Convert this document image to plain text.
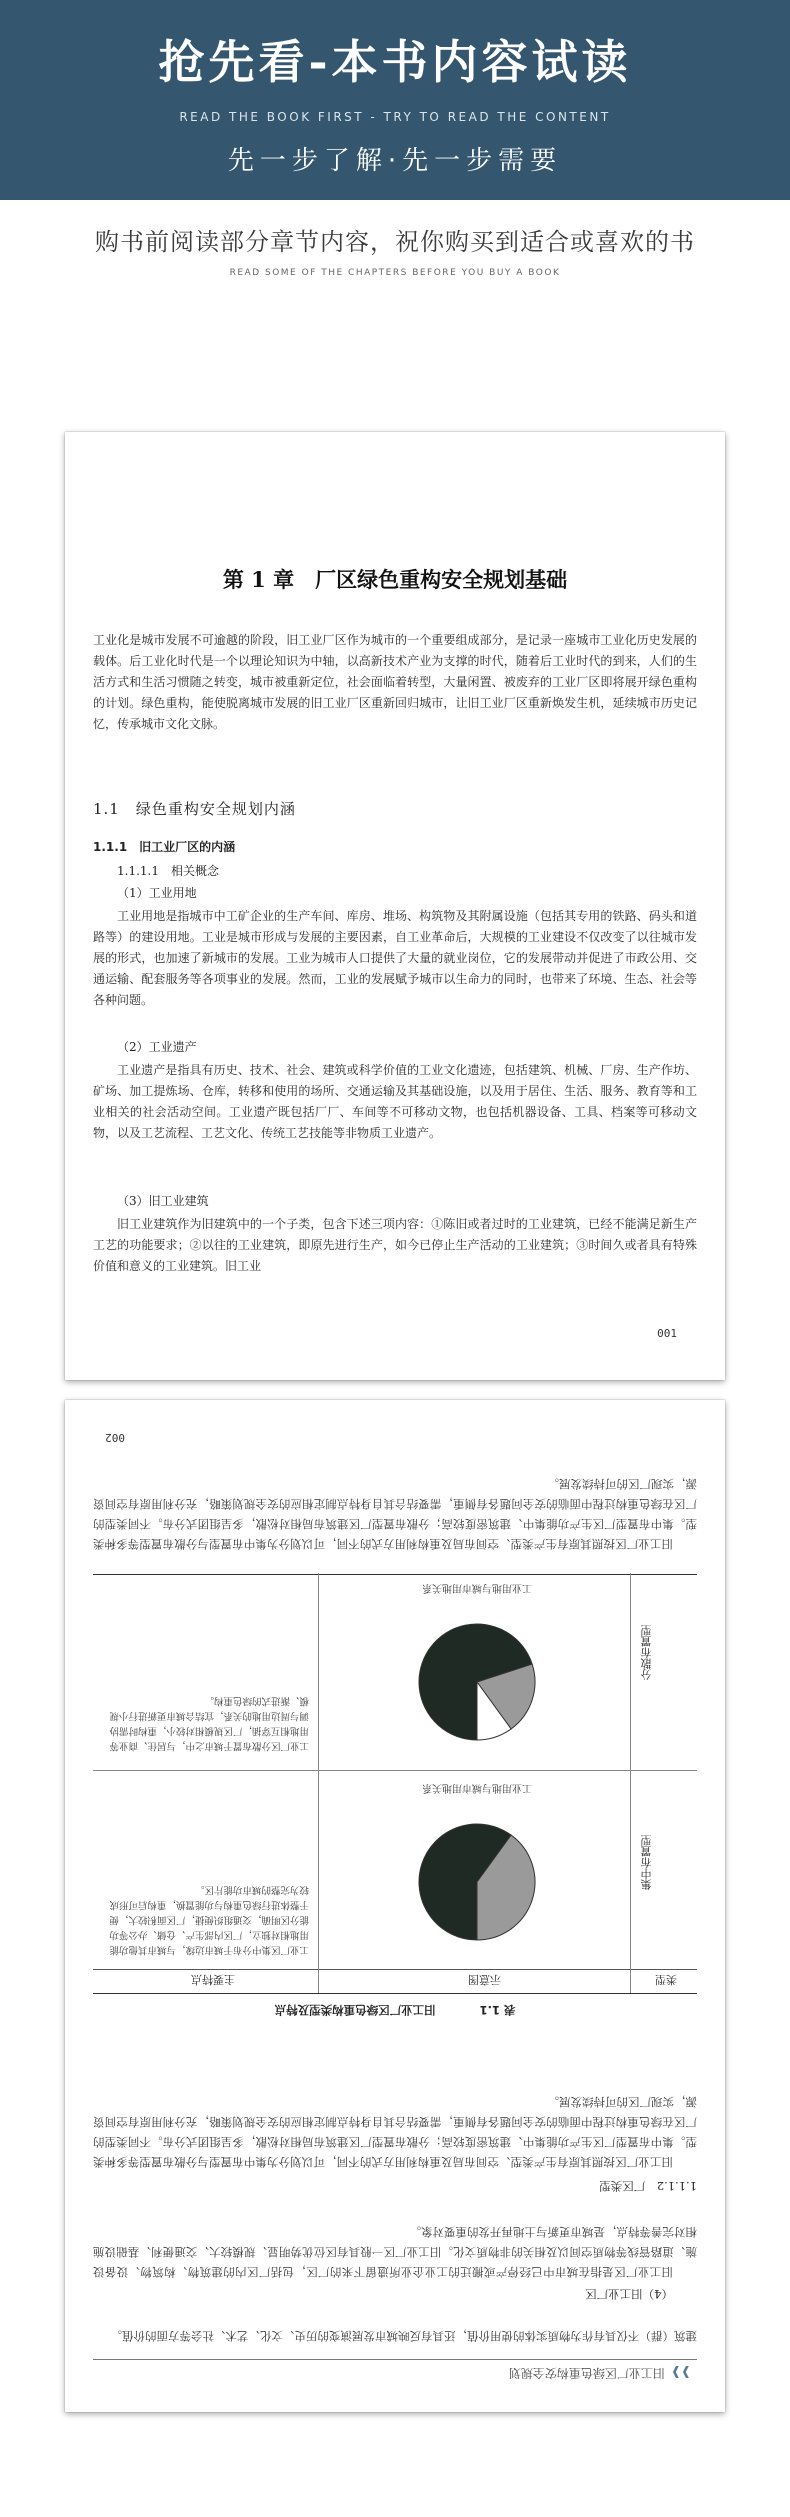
抢先看-本书内容试读
READ THE BOOK FIRST - TRY TO READ THE CONTENT
先一步了解·先一步需要
购书前阅读部分章节内容，祝你购买到适合或喜欢的书
READ SOME OF THE CHAPTERS BEFORE YOU BUY A BOOK
第 1 章　厂区绿色重构安全规划基础
工业化是城市发展不可逾越的阶段，旧工业厂区作为城市的一个重要组成部分，是记录一座城市工业化历史发展的载体。后工业化时代是一个以理论知识为中轴，以高新技术产业为支撑的时代，随着后工业时代的到来，人们的生活方式和生活习惯随之转变，城市被重新定位，社会面临着转型，大量闲置、被废弃的工业厂区即将展开绿色重构的计划。绿色重构，能使脱离城市发展的旧工业厂区重新回归城市，让旧工业厂区重新焕发生机，延续城市历史记忆，传承城市文化文脉。
1.1　绿色重构安全规划内涵
1.1.1　旧工业厂区的内涵
1.1.1.1　相关概念
（1）工业用地
工业用地是指城市中工矿企业的生产车间、库房、堆场、构筑物及其附属设施（包括其专用的铁路、码头和道路等）的建设用地。工业是城市形成与发展的主要因素，自工业革命后，大规模的工业建设不仅改变了以往城市发展的形式，也加速了新城市的发展。工业为城市人口提供了大量的就业岗位，它的发展带动并促进了市政公用、交通运输、配套服务等各项事业的发展。然而，工业的发展赋予城市以生命力的同时，也带来了环境、生态、社会等各种问题。
（2）工业遗产
工业遗产是指具有历史、技术、社会、建筑或科学价值的工业文化遗迹，包括建筑、机械、厂房、生产作坊、矿场、加工提炼场、仓库，转移和使用的场所、交通运输及其基础设施，以及用于居住、生活、服务、教育等和工业相关的社会活动空间。工业遗产既包括厂厂、车间等不可移动文物，也包括机器设备、工具、档案等可移动文物，以及工艺流程、工艺文化、传统工艺技能等非物质工业遗产。
（3）旧工业建筑
旧工业建筑作为旧建筑中的一个子类，包含下述三项内容：①陈旧或者过时的工业建筑，已经不能满足新生产工艺的功能要求；②以往的工业建筑，即原先进行生产，如今已停止生产活动的工业建筑；③时间久或者具有特殊价值和意义的工业建筑。旧工业
001
❱❱旧工业厂区绿色重构安全规划
建筑（群）不仅具有作为物质实体的使用价值，还具有反映城市发展演变的历史、文化、艺术、社会等方面的价值。
（4）旧工业厂区
旧工业厂区是指在城市中已经停产或搬迁的工业企业所遗留下来的厂区，包括厂区内的建筑物、构筑物、设备设施、道路管线等物质空间以及相关的非物质文化。旧工业厂区一般具有区位优势明显、规模较大、交通便利、基础设施相对完善等特点，是城市更新与土地再开发的重要对象。
1.1.1.2　厂区类型
旧工业厂区按照其原有生产类型、空间布局及重构利用方式的不同，可以划分为集中布置型与分散布置型等多种类型。集中布置型厂区生产功能集中、建筑密度较高；分散布置型厂区建筑布局相对松散，多呈组团式分布。不同类型的厂区在绿色重构过程中面临的安全问题各有侧重，需要结合其自身特点制定相应的安全规划策略，充分利用原有空间资源，实现厂区的可持续发展。
表 1.1旧工业厂区绿色重构类型及特点
类型
示意图
主要特点
集中布置型
工业用地与城市用地关系
工业厂区集中分布于城市边缘，与城市其他功能用地相对独立，厂区内部生产、仓储、办公等功能分区明确，交通组织便捷，厂区面积较大，便于整体进行绿色重构与功能置换，重构后可形成较为完整的城市功能片区。
分散布置型
工业用地与城市用地关系
工业厂区分散布置于城市之中，与居住、商业等用地相互穿插，厂区规模相对较小，重构时需协调与周边用地的关系，宜结合城市更新进行小规模、渐进式的绿色重构。
旧工业厂区按照其原有生产类型、空间布局及重构利用方式的不同，可以划分为集中布置型与分散布置型等多种类型。集中布置型厂区生产功能集中、建筑密度较高；分散布置型厂区建筑布局相对松散，多呈组团式分布。不同类型的厂区在绿色重构过程中面临的安全问题各有侧重，需要结合其自身特点制定相应的安全规划策略，充分利用原有空间资源，实现厂区的可持续发展。
002
